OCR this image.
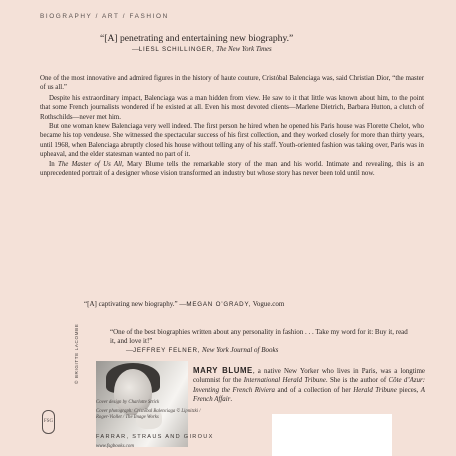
BIOGRAPHY / ART / FASHION
“[A] penetrating and entertaining new biography.”
—LIESL SCHILLINGER, The New York Times

One of the most innovative and admired figures in the history of haute couture, Cristóbal Balenciaga was, said Christian Dior, “the master of us all.”

Despite his extraordinary impact, Balenciaga was a man hidden from view. He saw to it that little was known about him, to the point that some French journalists wondered if he existed at all. Even his most devoted clients—Marlene Dietrich, Barbara Hutton, a clutch of Rothschilds—never met him.

But one woman knew Balenciaga very well indeed. The first person he hired when he opened his Paris house was Florette Chelot, who became his top vendeuse. She witnessed the spectacular success of his first collection, and they worked closely for more than thirty years, until 1968, when Balenciaga abruptly closed his house without telling any of his staff. Youth-oriented fashion was taking over, Paris was in upheaval, and the elder statesman wanted no part of it.

In The Master of Us All, Mary Blume tells the remarkable story of the man and his world. Intimate and revealing, this is an unprecedented portrait of a designer whose vision transformed an industry but whose story has never been told until now.

“[A] captivating new biography.” —MEGAN O’GRADY, Vogue.com
“One of the best biographies written about any personality in fashion . . . Take my word for it: Buy it, read it, and love it!”
—JEFFREY FELNER, New York Journal of Books
© BRIGITTE LACOMBE	MARY BLUME, a native New Yorker who lives in Paris, was a longtime columnist for the International Herald Tribune. She is the author of Côte d’Azur: Inventing the French Riviera and of a collection of her Herald Tribune pieces, A French Affair.

FSG

Cover design by Charlotte Strick

Cover photograph: Cristóbal Balenciaga © Lipnitzki /

Roger-Viollet / The Image Works

FARRAR, STRAUS AND GIROUX
www.fsgbooks.com
